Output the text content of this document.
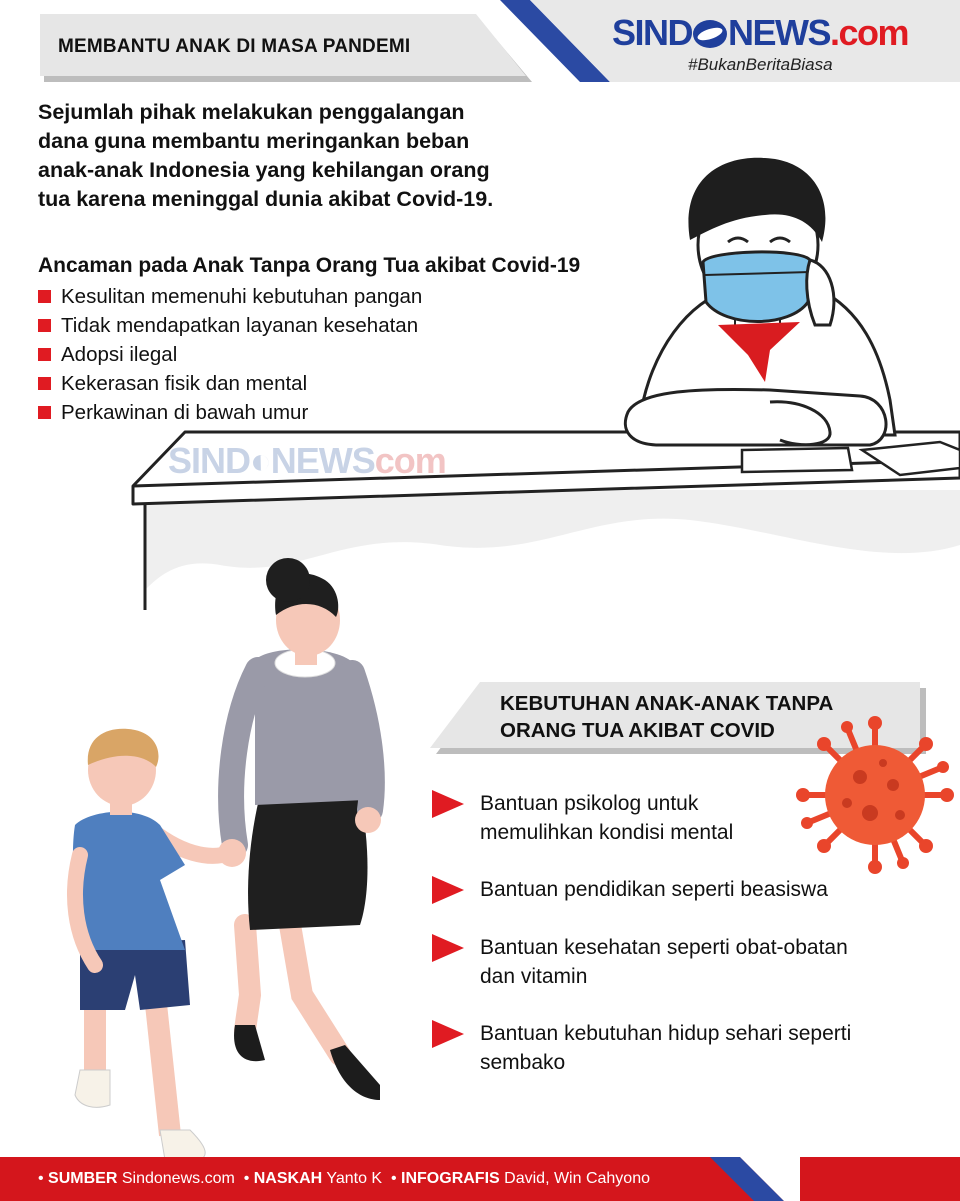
MEMBANTU ANAK DI MASA PANDEMI	SIND NEWS.com
#BukanBeritaBiasa
SIND◐NEWScom
Sejumlah pihak melakukan penggalangan
dana guna membantu meringankan beban
anak-anak Indonesia yang kehilangan orang
tua karena meninggal dunia akibat Covid-19.
Ancaman pada Anak Tanpa Orang Tua akibat Covid-19
Kesulitan memenuhi kebutuhan pangan
Tidak mendapatkan layanan kesehatan
Adopsi ilegal
Kekerasan fisik dan mental
Perkawinan di bawah umur
KEBUTUHAN ANAK-ANAK TANPA
ORANG TUA AKIBAT COVID
Bantuan psikolog untuk
memulihkan kondisi mental
Bantuan pendidikan seperti beasiswa
Bantuan kesehatan seperti obat-obatan
dan vitamin
Bantuan kebutuhan hidup sehari seperti
sembako
• SUMBER Sindonews.com  • NASKAH Yanto K  • INFOGRAFIS David, Win Cahyono
